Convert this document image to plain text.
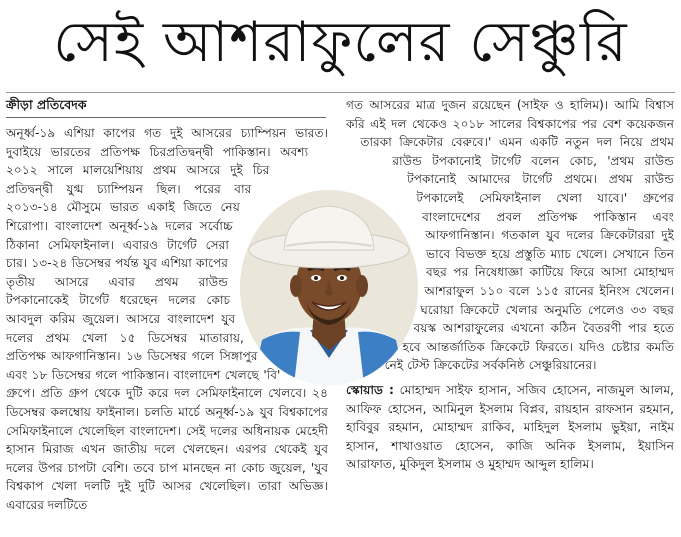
সেই আশরাফুলের সেঞ্চুরি
ক্রীড়া প্রতিবেদক

অনূর্ধ্ব-১৯ এশিয়া কাপের গত দুই আসরের চ্যাম্পিয়ন ভারত। দুবাইয়ে ভারতের প্রতিপক্ষ চিরপ্রতিদ্বন্দ্বী পাকিস্তান। অবশ্য ২০১২ সালে মালয়েশিয়ায় প্রথম আসরে দুই চির প্রতিদ্বন্দ্বী যুগ্ম চ্যাম্পিয়ন ছিল। পরের বার ২০১৩-১৪ মৌসুমে ভারত একাই জিতে নেয় শিরোপা। বাংলাদেশ অনূর্ধ্ব-১৯ দলের সর্বোচ্চ ঠিকানা সেমিফাইনাল। এবারও টার্গেট সেরা চার। ১৩-২৪ ডিসেম্বর পর্যন্ত যুব এশিয়া কাপের তৃতীয় আসরে এবার প্রথম রাউন্ড টপকানোকেই টার্গেট ধরেছেন দলের কোচ আবদুল করিম জুয়েল। আসরে বাংলাদেশ যুব দলের প্রথম খেলা ১৫ ডিসেম্বর মাতারায়, প্রতিপক্ষ আফগানিস্তান। ১৬ ডিসেম্বর গলে সিঙ্গাপুর এবং ১৮ ডিসেম্বর গলে পাকিস্তান। বাংলাদেশ খেলছে 'বি' গ্রুপে। প্রতি গ্রুপ থেকে দুটি করে দল সেমিফাইনালে খেলবে। ২৪ ডিসেম্বর কলম্বোয় ফাইনাল। চলতি মার্চে অনূর্ধ্ব-১৯ যুব বিশ্বকাপের সেমিফাইনালে খেলেছিল বাংলাদেশ। সেই দলের অধিনায়ক মেহেদী হাসান মিরাজ এখন জাতীয় দলে খেলছেন। এরপর থেকেই যুব দলের উপর চাপটা বেশি। তবে চাপ মানছেন না কোচ জুয়েল, 'যুব বিশ্বকাপ খেলা দলটি দুই দুটি আসর খেলেছিল। তারা অভিজ্ঞ। এবারের দলটিতে

গত আসরের মাত্র দুজন রয়েছেন (সাইফ ও হালিম)। আমি বিশ্বাস করি এই দল থেকেও ২০১৮ সালের বিশ্বকাপের পর বেশ কয়েকজন তারকা ক্রিকেটার বেরুবে।' এমন একটি নতুন দল নিয়ে প্রথম রাউন্ড টপকানোই টার্গেট বলেন কোচ, 'প্রথম রাউন্ড টপকানোই আমাদের টার্গেট প্রথমে। প্রথম রাউন্ড টপকালেই সেমিফাইনাল খেলা যাবে।' গ্রুপের বাংলাদেশের প্রবল প্রতিপক্ষ পাকিস্তান এবং আফগানিস্তান। গতকাল যুব দলের ক্রিকেটাররা দুই ভাবে বিভক্ত হয়ে প্রস্তুতি ম্যাচ খেলে। সেখানে তিন বছর পর নিষেধাজ্ঞা কাটিয়ে ফিরে আসা মোহাম্মদ আশরাফুল ১১০ বলে ১১৫ রানের ইনিংস খেলেন। ঘরোয়া ক্রিকেটে খেলার অনুমতি পেলেও ৩৩ বছর বয়স্ক আশরাফুলের এখনো কঠিন বৈতরণী পার হতে হবে আন্তর্জাতিক ক্রিকেটে ফিরতে। যদিও চেষ্টার কমতি নেই টেস্ট ক্রিকেটের সর্বকনিষ্ঠ সেঞ্চুরিয়ানের।

স্কোয়াড : মোহাম্মদ সাইফ হাসান, সজিব হোসেন, নাজমুল আলম, আফিফ হোসেন, আমিনুল ইসলাম বিপ্লব, রায়হান রাফসান রহমান, হাবিবুর রহমান, মোহাম্মদ রাকিব, মাহিদুল ইসলাম ভুইয়া, নাইম হাসান, শাখাওয়াত হোসেন, কাজি অনিক ইসলাম, ইয়াসিন আরাফাত, মুকিদুল ইসলাম ও মুহাম্মদ আব্দুল হালিম।
